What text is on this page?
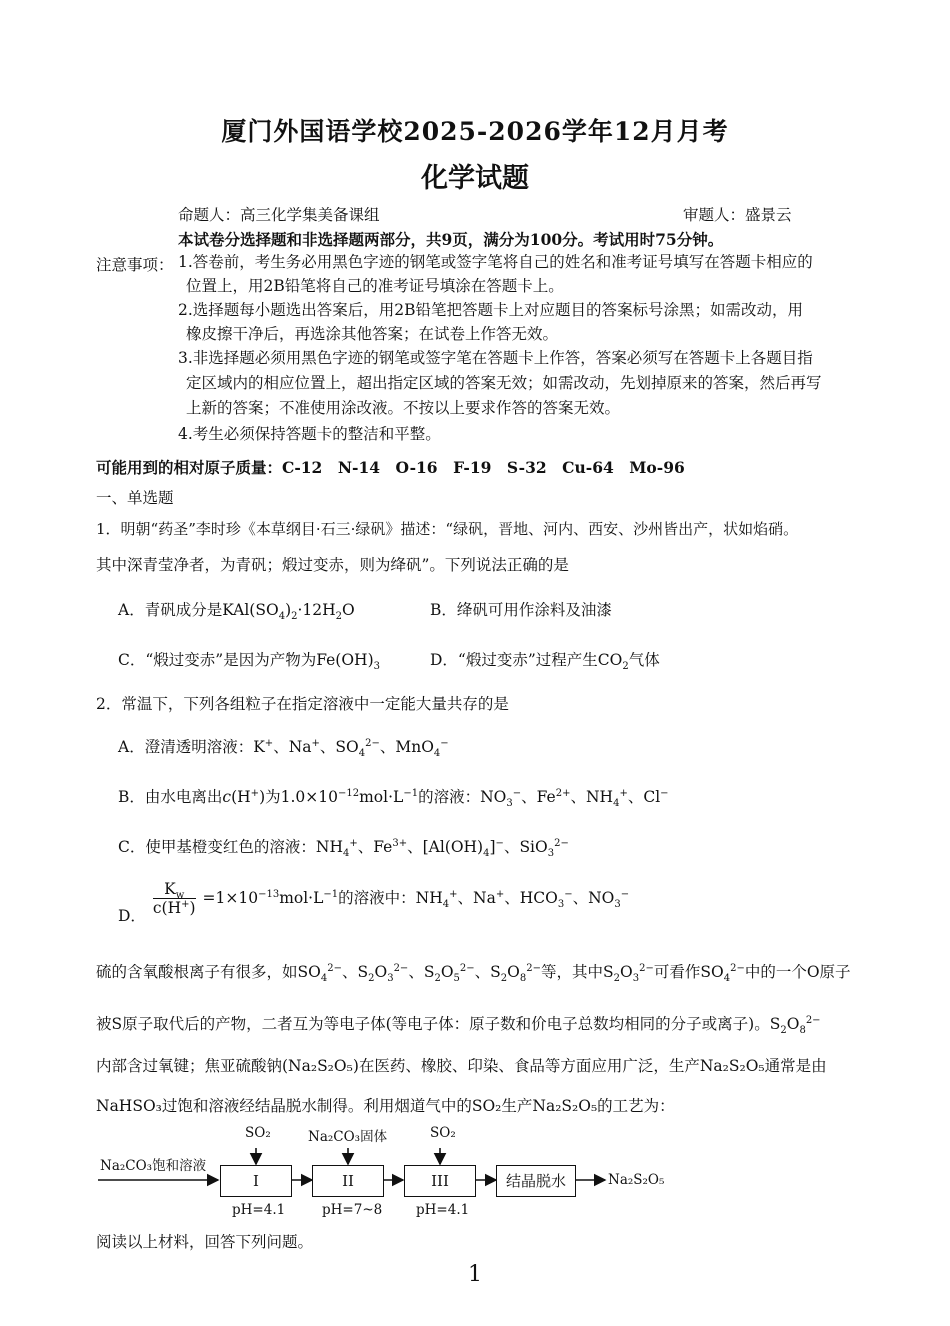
厦门外国语学校2025-2026学年12月月考
化学试题
命题人：高三化学集美备课组	审题人：盛景云
本试卷分选择题和非选择题两部分，共9页，满分为100分。考试用时75分钟。
注意事项： 1.答卷前，考生务必用黑色字迹的钢笔或签字笔将自己的姓名和准考证号填写在答题卡相应的
位置上，用2B铅笔将自己的准考证号填涂在答题卡上。
2.选择题每小题选出答案后，用2B铅笔把答题卡上对应题目的答案标号涂黑；如需改动，用
橡皮擦干净后，再选涂其他答案；在试卷上作答无效。
3.非选择题必须用黑色字迹的钢笔或签字笔在答题卡上作答，答案必须写在答题卡上各题目指
定区域内的相应位置上，超出指定区域的答案无效；如需改动，先划掉原来的答案，然后再写
上新的答案；不准使用涂改液。不按以上要求作答的答案无效。
4.考生必须保持答题卡的整洁和平整。
可能用到的相对原子质量：C-12　N-14　O-16　F-19　S-32　Cu-64　Mo-96
一、单选题
1．明朝“药圣”李时珍《本草纲目·石三·绿矾》描述：“绿矾，晋地、河内、西安、沙州皆出产，状如焰硝。
其中深青莹净者，为青矾；煅过变赤，则为绛矾”。下列说法正确的是
A．青矾成分是$KAl(SO_4)_2\cdot 12H_2O$	B．绛矾可用作涂料及油漆
C．“煅过变赤”是因为产物为$Fe(OH)_3$	D．“煅过变赤”过程产生$CO_2$气体
2．常温下，下列各组粒子在指定溶液中一定能大量共存的是
A．澄清透明溶液：K+、Na+、$SO_4^{2-}$、MnO$_4$−
B．由水电离出c(H+)为$1.0\times 10^{-12}mol\cdot L^{-1}$的溶液：$NO_3^-$、$Fe^{2+}$、$NH_4^+$、Cl−
C．使甲基橙变红色的溶液：$NH_4^+$、$Fe^{3+}$、$[Al(OH)_4]^-$、SiO$_3^{2-}$
D． $\frac{K_w}{c(H^+)} =1\times 10^{-13}mol\cdot L^{-1}$的溶液中：$NH_4^+$、Na+、$HCO_3^-$、$NO_3^-$
硫的含氧酸根离子有很多，如$SO_4^{2-}$、$S_2O_3^{2-}$、$S_2O_5^{2-}$、$S_2O_8^{2-}$等，其中$S_2O_3^{2-}$可看作$SO_4^{2-}$中的一个O原子
被S原子取代后的产物，二者互为等电子体(等电子体：原子数和价电子总数均相同的分子或离子)。$S_2O_8^{2-}$
内部含过氧键；焦亚硫酸钠(Na₂S₂O₅)在医药、橡胶、印染、食品等方面应用广泛，生产Na₂S₂O₅通常是由
NaHSO₃过饱和溶液经结晶脱水制得。利用烟道气中的SO₂生产Na₂S₂O₅的工艺为：
I	II	III	结晶脱水
Na₂CO₃饱和溶液
Na₂S₂O₅
SO₂	Na₂CO₃固体	SO₂
pH=4.1	pH=7~8	pH=4.1
阅读以上材料，回答下列问题。
1
